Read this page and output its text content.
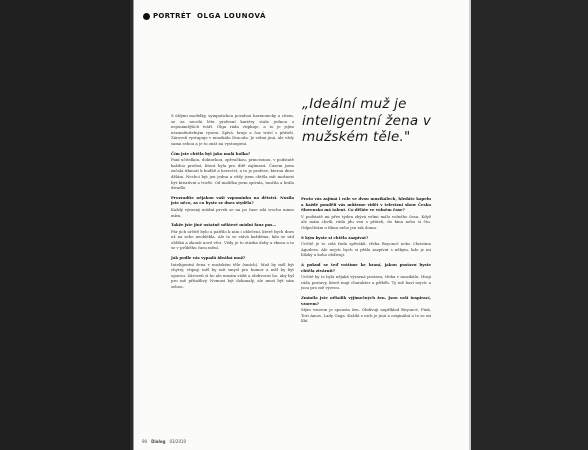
PORTRÉT OLGA LOUNOVÁ

S útlými modelky, sympatickou povahou harmonicky a citem, se za necelá léta profesní kariéry stala jednou z nejznámějších tváří. Olga ráda vtipkuje, a to je jejím nezaměnitelným rysem. Zpívá, hraje a čas tráví s přáteli. Zároveň vystupuje v muzikálu Dracula. Je velmi jiná, ale vždy sama sebou a je to znát na vystoupení.

Čím jste chtěla být jako malá holka?

Paní učitelkou, doktorkou, zpěvačkou, princeznou, v podstatě každou profesí, která byla pro dítě zajímavá. Časem jsem začala tíhnout k hudbě a herectví, a to je profese, kterou dnes dělám. Nechci být jen jedna a vždy jsem chtěla mít možnost být kreativní a tvořit. Od malička jsem zpívala, tančila a hrála divadlo.

Prozradíte nějakou vaši vzpomínku na dětství. Nosila jste něco, za co byste se dnes styděla?

Každý výrazný módní prvek se na po čase zdá trochu mimo mísu.

Takže jste jiné ostatně některé módní fauz pas…

Pár jich určitě bylo a patřilo k nim i oblečení, které bych dnes už na sebe neoblékla. Ale to se stává každému, kdo se rád obléká a zkouší nové věci. Vždy je to otázka doby a vkusu a to se v průběhu času mění.

Jak podle vás vypadá ideální muž?

Inteligentní žena v mužském těle (smích). Muž by měl být chytrý, vtipný, měl by mít smysl pro humor a měl by být oporou. Zároveň si ho ale musím vážit a obdivovat ho, aby byl pro mě přitažlivý. Nemusí být dokonalý, ale musí být sám sebou.

„Ideální muž je inteligentní žena v mužském těle."

Proto vás zajímá i role ve dvou muzikálech, hledáte kapelu a každé pondělí vás můžeme vidět v televizní show Česko Slovensko má talent. Co děláte ve volném čase?

V podstatě mi přes týden zbývá velmi málo volného času. Když ale mám chvíli, ráda jdu ven s přáteli, do kina nebo si čtu. Odpočívám u filmu nebo jen tak doma.

S kým byste si chtěla zazpívat?

Určitě je to celá řada zpěváků, třeba Beyoncé nebo Christina Aguilera. Ale nejvíc bych si přála zazpívat s někým, kdo je mi blízký a koho obdivuji.

A pokud se teď vrátíme ke hraní, jakou postavu byste chtěla ztvárnit?

Určitě by to byla nějaká výrazná postava, třeba v muzikálu. Hraji ráda postavy, které mají charakter a příběh. Ty mě baví nejvíc a jsou pro mě výzvou.

Zmínila jste několik výjimečných žen. Jsou vaší inspirací, vzorem?

Mým vzorem je spousta žen. Obdivuji například Beyoncé, Pink, Tori Amos, Lady Gaga. Každá z nich je jiná a originální a to se mi líbí.

90 Dialog 03/2010
